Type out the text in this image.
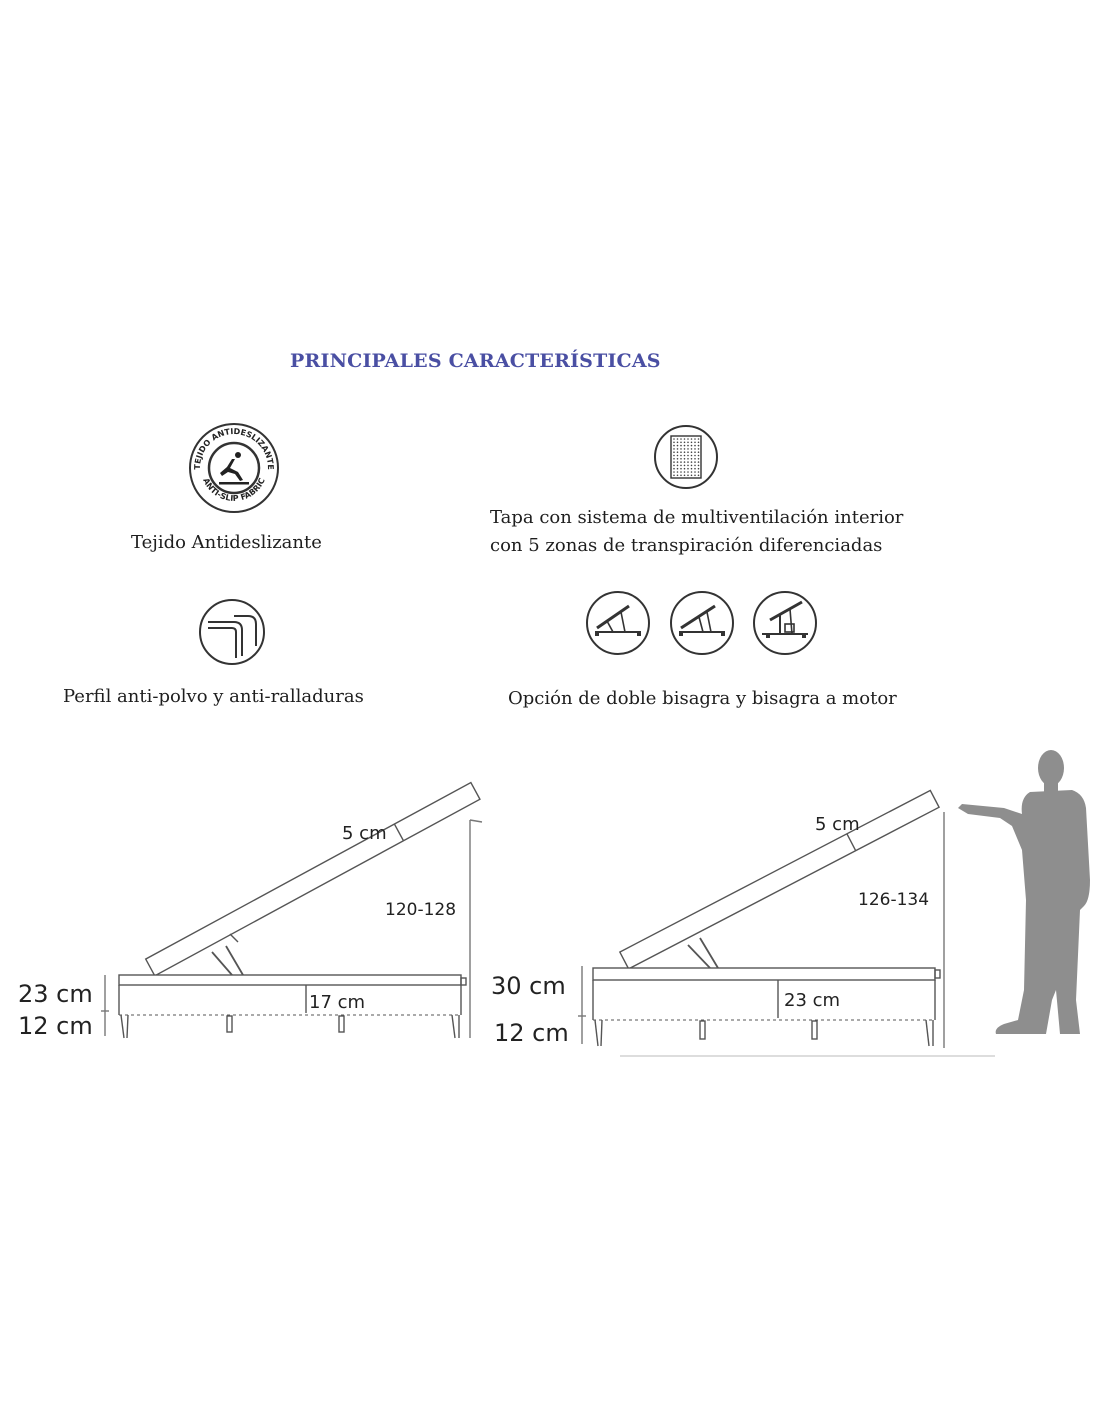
PRINCIPALES CARACTERÍSTICAS
TEJIDO ANTIDESLIZANTE
ANTI-SLIP FABRIC
Tejido Antideslizante
Tapa con sistema de multiventilación interior
con 5 zonas de transpiración diferenciadas
Perfil anti-polvo y anti-ralladuras	Opción de doble bisagra y bisagra a motor
5 cm
120-128
23 cm
12 cm
17 cm
5 cm
126-134
30 cm
12 cm
23 cm
